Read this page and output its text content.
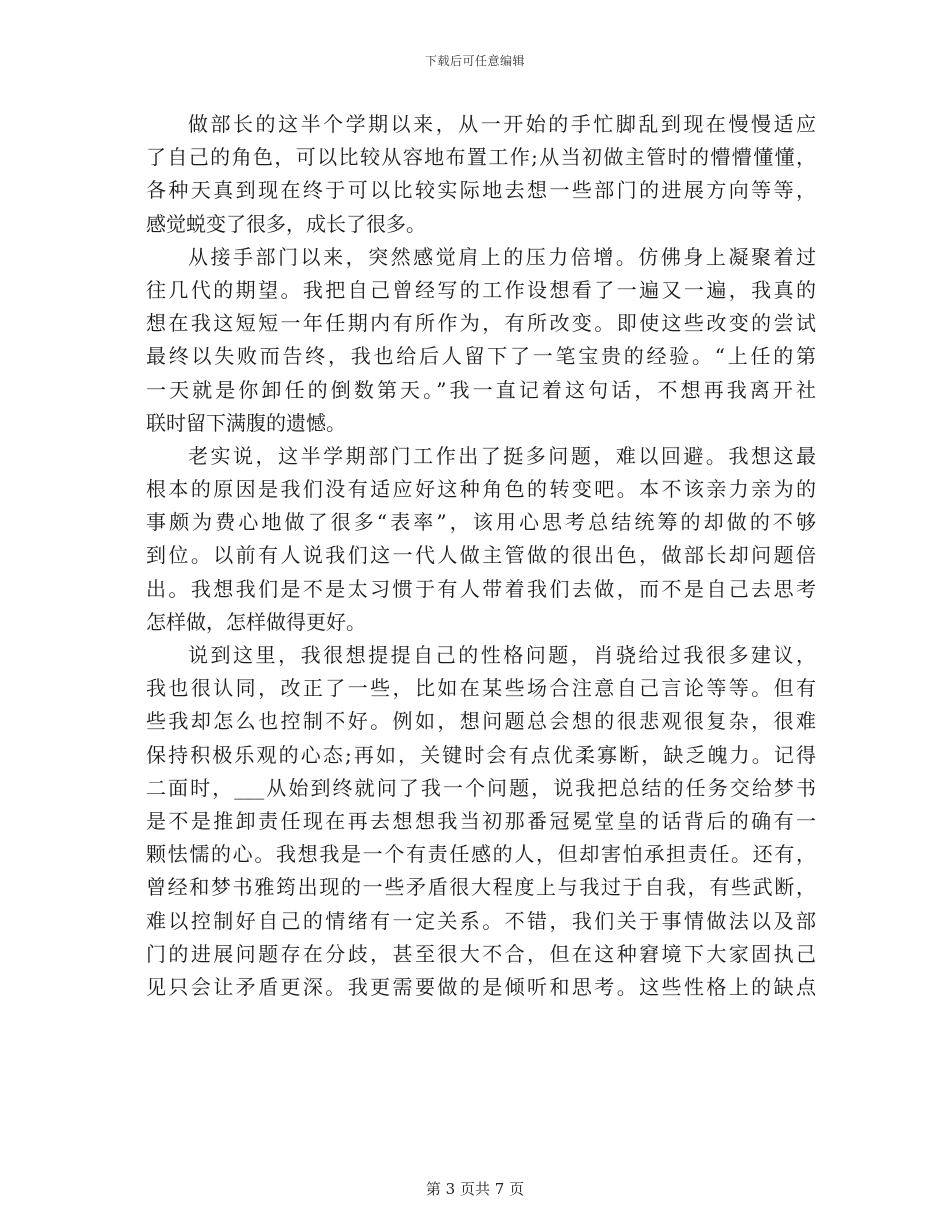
下载后可任意编辑
做部长的这半个学期以来，从一开始的手忙脚乱到现在慢慢适应
了自己的角色，可以比较从容地布置工作;从当初做主管时的懵懵懂懂，
各种天真到现在终于可以比较实际地去想一些部门的进展方向等等，
感觉蜕变了很多，成长了很多。
从接手部门以来，突然感觉肩上的压力倍增。仿佛身上凝聚着过
往几代的期望。我把自己曾经写的工作设想看了一遍又一遍，我真的
想在我这短短一年任期内有所作为，有所改变。即使这些改变的尝试
最终以失败而告终，我也给后人留下了一笔宝贵的经验。“上任的第
一天就是你卸任的倒数第天。”我一直记着这句话，不想再我离开社
联时留下满腹的遗憾。
老实说，这半学期部门工作出了挺多问题，难以回避。我想这最
根本的原因是我们没有适应好这种角色的转变吧。本不该亲力亲为的
事颇为费心地做了很多“表率”，该用心思考总结统筹的却做的不够
到位。以前有人说我们这一代人做主管做的很出色，做部长却问题倍
出。我想我们是不是太习惯于有人带着我们去做，而不是自己去思考
怎样做，怎样做得更好。
说到这里，我很想提提自己的性格问题，肖骁给过我很多建议，
我也很认同，改正了一些，比如在某些场合注意自己言论等等。但有
些我却怎么也控制不好。例如，想问题总会想的很悲观很复杂，很难
保持积极乐观的心态;再如，关键时会有点优柔寡断，缺乏魄力。记得
二面时，___从始到终就问了我一个问题，说我把总结的任务交给梦书
是不是推卸责任现在再去想想我当初那番冠冕堂皇的话背后的确有一
颗怯懦的心。我想我是一个有责任感的人，但却害怕承担责任。还有，
曾经和梦书雅筠出现的一些矛盾很大程度上与我过于自我，有些武断，
难以控制好自己的情绪有一定关系。不错，我们关于事情做法以及部
门的进展问题存在分歧，甚至很大不合，但在这种窘境下大家固执己
见只会让矛盾更深。我更需要做的是倾听和思考。这些性格上的缺点
第 3 页共 7 页
